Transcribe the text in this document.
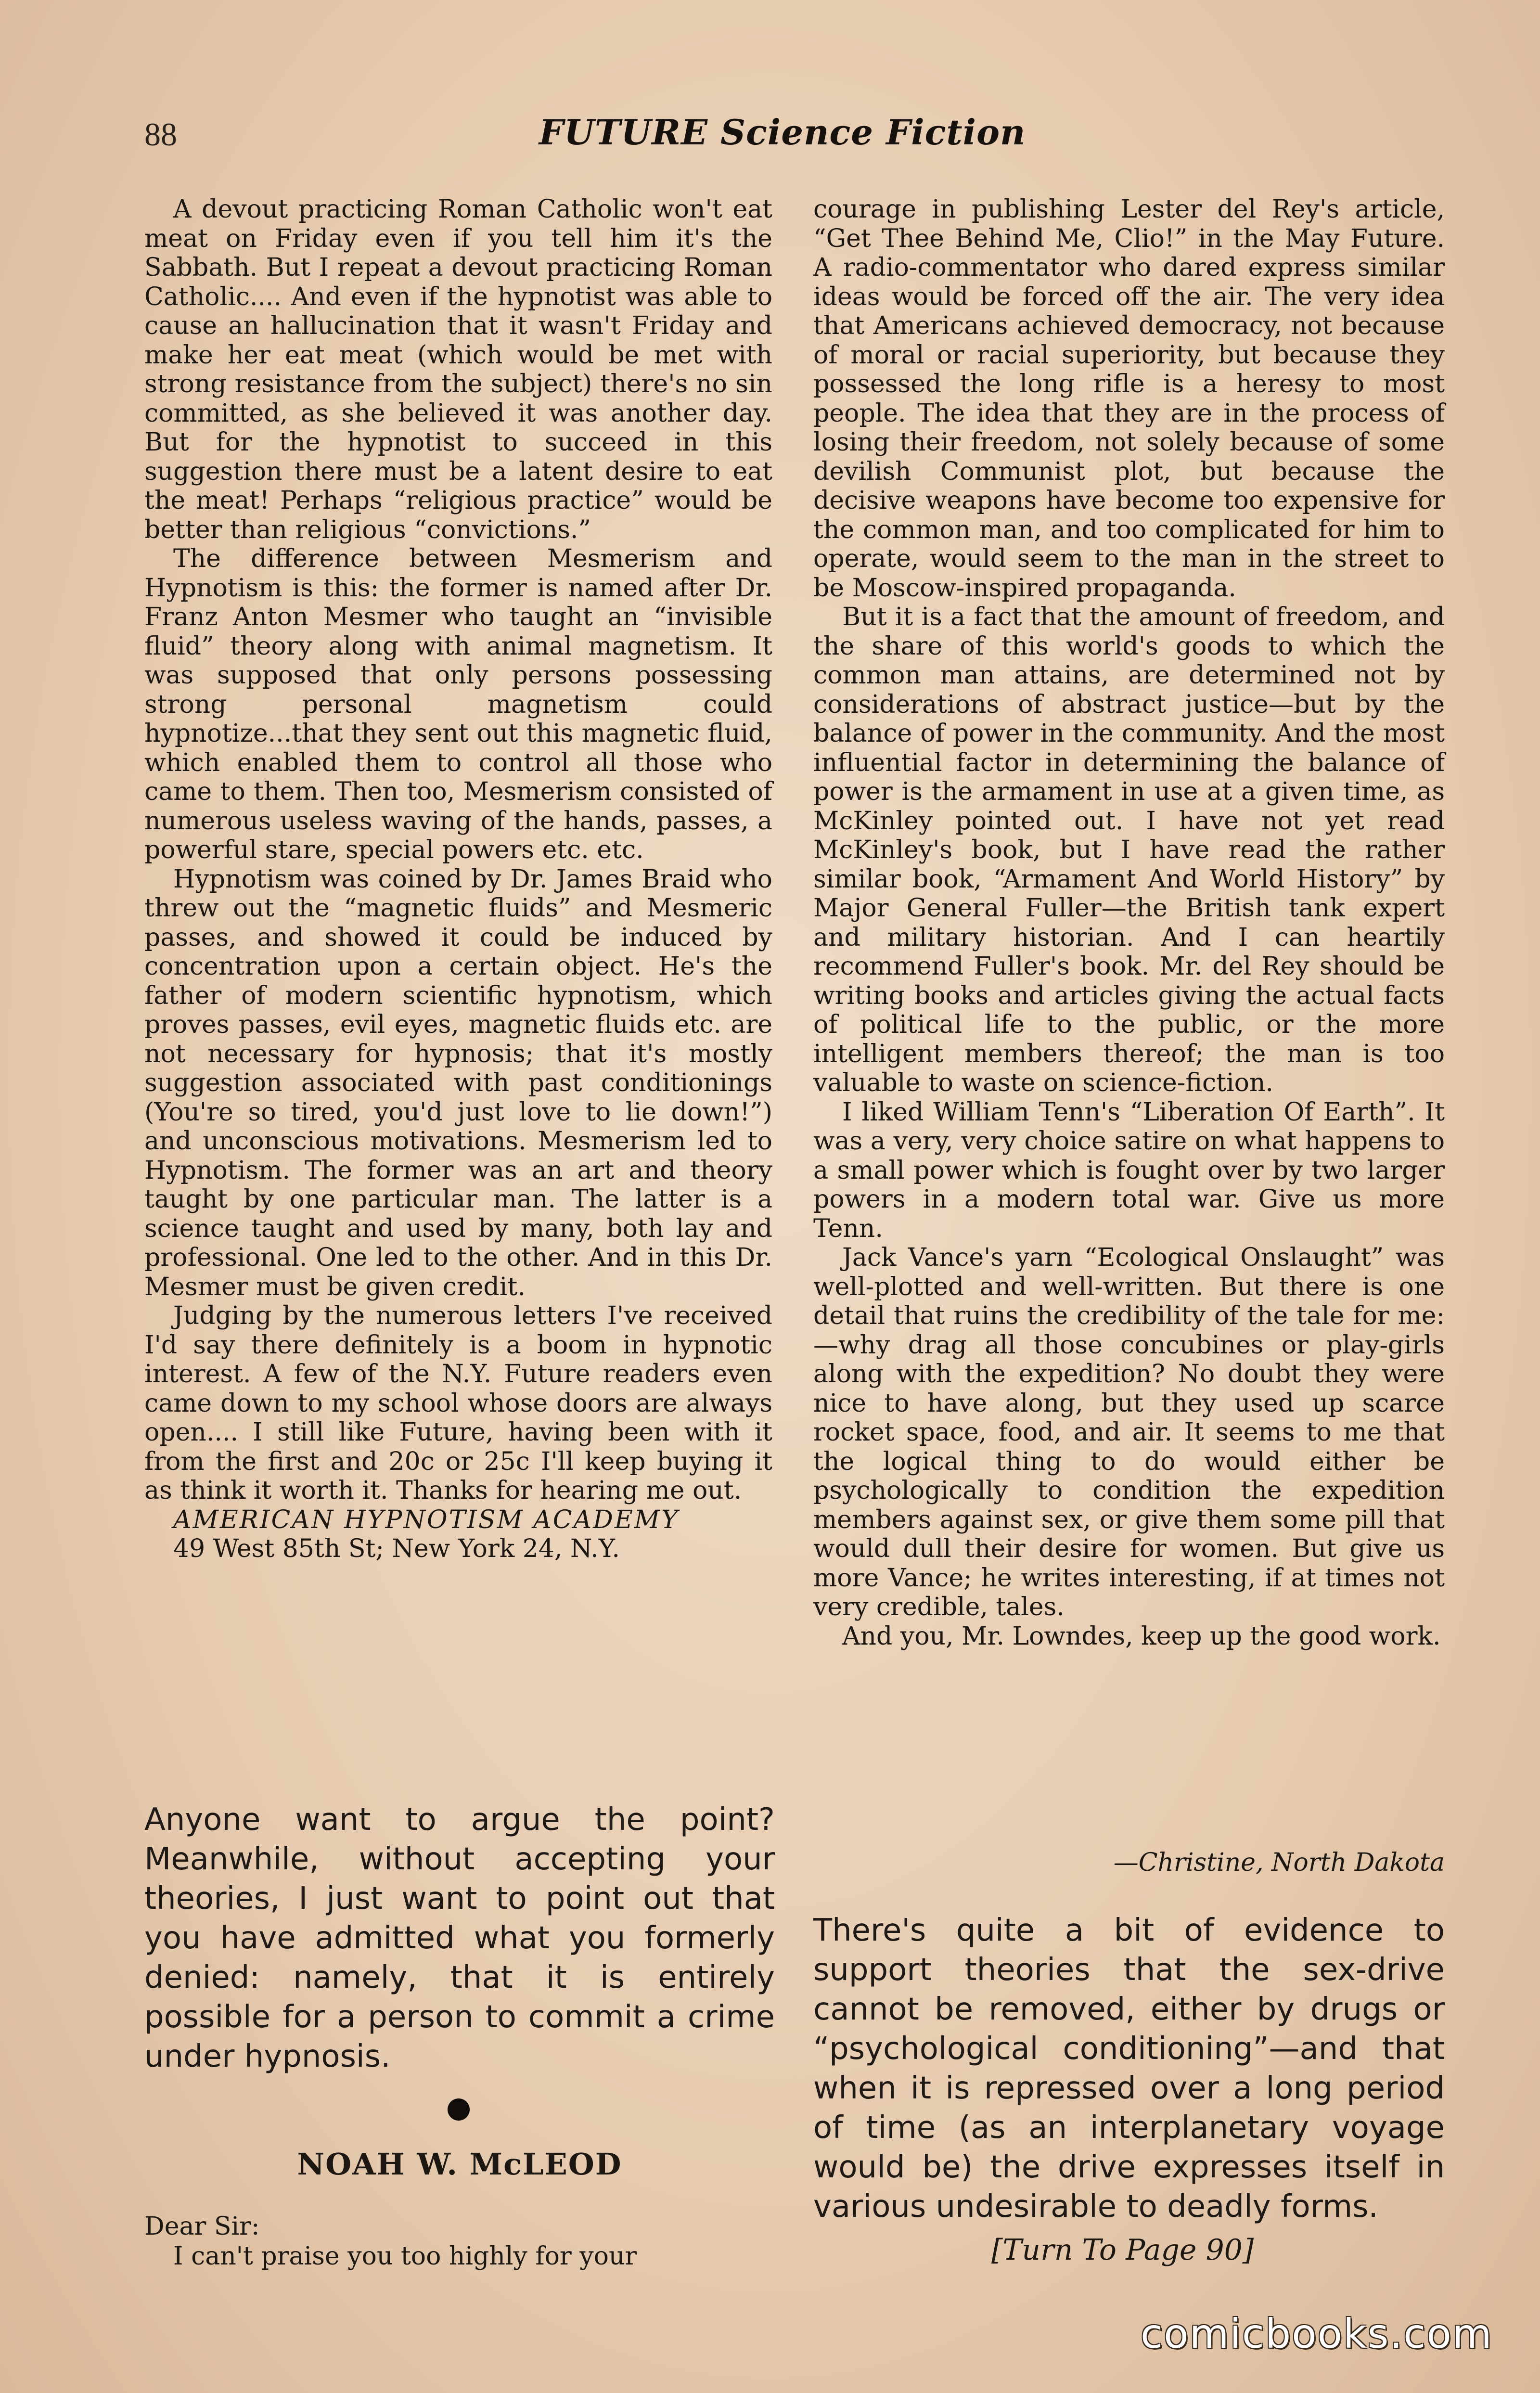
88	FUTURE Science Fiction

A devout practicing Roman Catholic won't eat meat on Friday even if you tell him it's the Sabbath. But I repeat a devout practicing Roman Catholic.... And even if the hypnotist was able to cause an hallucination that it wasn't Friday and make her eat meat (which would be met with strong resistance from the subject) there's no sin committed, as she believed it was another day. But for the hypnotist to succeed in this suggestion there must be a latent desire to eat the meat! Perhaps “religious practice” would be better than religious “convictions.”

The difference between Mesmerism and Hypnotism is this: the former is named after Dr. Franz Anton Mesmer who taught an “invisible fluid” theory along with animal magnetism. It was supposed that only persons possessing strong personal magnetism could hypnotize...that they sent out this magnetic fluid, which enabled them to control all those who came to them. Then too, Mesmerism consisted of numerous useless waving of the hands, passes, a powerful stare, special powers etc. etc.

Hypnotism was coined by Dr. James Braid who threw out the “magnetic fluids” and Mesmeric passes, and showed it could be induced by concentration upon a certain object. He's the father of modern scientific hypnotism, which proves passes, evil eyes, magnetic fluids etc. are not necessary for hypnosis; that it's mostly suggestion associated with past conditionings (You're so tired, you'd just love to lie down!”) and unconscious motivations. Mesmerism led to Hypnotism. The former was an art and theory taught by one particular man. The latter is a science taught and used by many, both lay and professional. One led to the other. And in this Dr. Mesmer must be given credit.

Judging by the numerous letters I've received I'd say there definitely is a boom in hypnotic interest. A few of the N.Y. Future readers even came down to my school whose doors are always open.... I still like Future, having been with it from the first and 20c or 25c I'll keep buying it as think it worth it. Thanks for hearing me out.

AMERICAN HYPNOTISM ACADEMY

49 West 85th St; New York 24, N.Y.

Anyone want to argue the point? Meanwhile, without accepting your theories, I just want to point out that you have admitted what you formerly denied: namely, that it is entirely possible for a person to commit a crime under hypnosis.
NOAH W. McLEOD

Dear Sir:

I can't praise you too highly for your

courage in publishing Lester del Rey's article, “Get Thee Behind Me, Clio!” in the May Future. A radio-commentator who dared express similar ideas would be forced off the air. The very idea that Americans achieved democracy, not because of moral or racial superiority, but because they possessed the long rifle is a heresy to most people. The idea that they are in the process of losing their freedom, not solely because of some devilish Communist plot, but because the decisive weapons have become too expensive for the common man, and too complicated for him to operate, would seem to the man in the street to be Moscow-inspired propaganda.

But it is a fact that the amount of freedom, and the share of this world's goods to which the common man attains, are determined not by considerations of abstract justice—but by the balance of power in the community. And the most influential factor in determining the balance of power is the armament in use at a given time, as McKinley pointed out. I have not yet read McKinley's book, but I have read the rather similar book, “Armament And World History” by Major General Fuller—the British tank expert and military historian. And I can heartily recommend Fuller's book. Mr. del Rey should be writing books and articles giving the actual facts of political life to the public, or the more intelligent members thereof; the man is too valuable to waste on science-fiction.

I liked William Tenn's “Liberation Of Earth”. It was a very, very choice satire on what happens to a small power which is fought over by two larger powers in a modern total war. Give us more Tenn.

Jack Vance's yarn “Ecological Onslaught” was well-plotted and well-written. But there is one detail that ruins the credibility of the tale for me:—why drag all those concubines or play-girls along with the expedition? No doubt they were nice to have along, but they used up scarce rocket space, food, and air. It seems to me that the logical thing to do would either be psychologically to condition the expedition members against sex, or give them some pill that would dull their desire for women. But give us more Vance; he writes interesting, if at times not very credible, tales.

And you, Mr. Lowndes, keep up the good work.

—Christine, North Dakota
There's quite a bit of evidence to support theories that the sex-drive cannot be removed, either by drugs or “psychological conditioning”—and that when it is repressed over a long period of time (as an interplanetary voyage would be) the drive expresses itself in various undesirable to deadly forms.
[Turn To Page 90]
comicbooks.com
